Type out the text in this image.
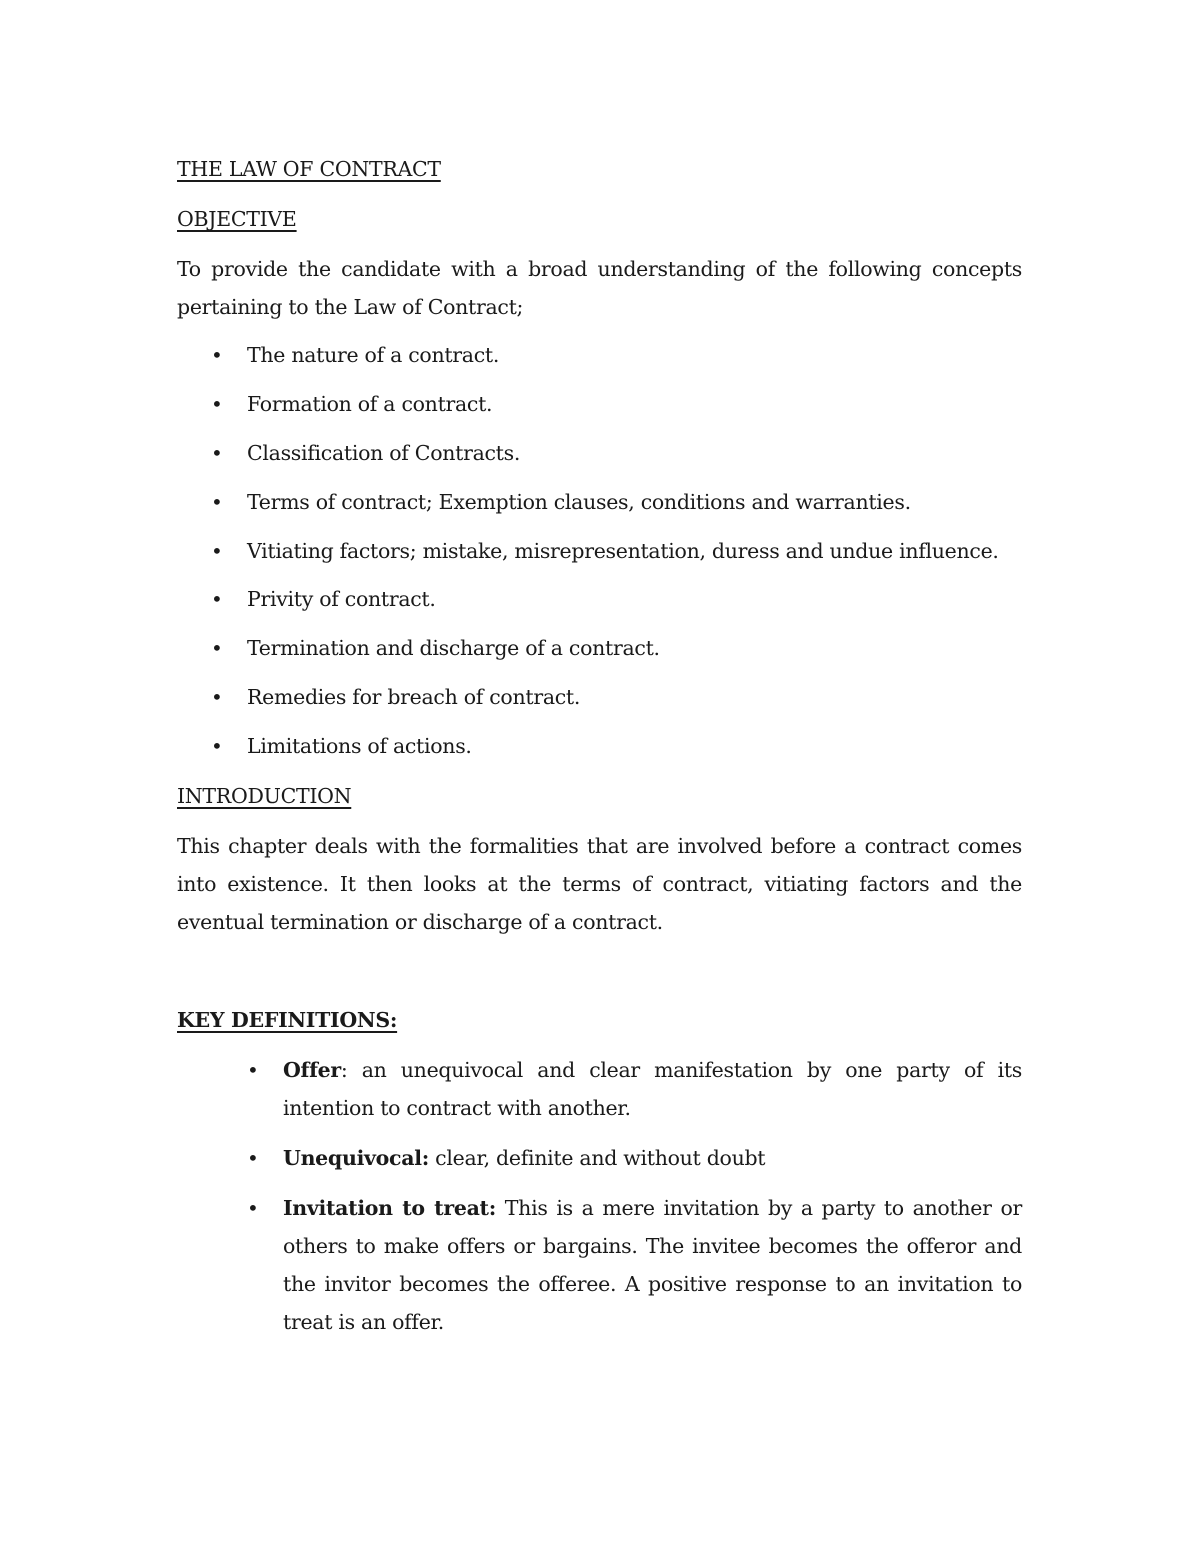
THE LAW OF CONTRACT
OBJECTIVE

To provide the candidate with a broad understanding of the following concepts pertaining to the Law of Contract;

• The nature of a contract.
• Formation of a contract.
• Classification of Contracts.
• Terms of contract; Exemption clauses, conditions and warranties.
• Vitiating factors; mistake, misrepresentation, duress and undue influence.
• Privity of contract.
• Termination and discharge of a contract.
• Remedies for breach of contract.
• Limitations of actions.
INTRODUCTION

This chapter deals with the formalities that are involved before a contract comes into existence. It then looks at the terms of contract, vitiating factors and the eventual termination or discharge of a contract.

KEY DEFINITIONS:
• Offer: an unequivocal and clear manifestation by one party of its intention to contract with another.
• Unequivocal: clear, definite and without doubt
• Invitation to treat: This is a mere invitation by a party to another or others to make offers or bargains. The invitee becomes the offeror and the invitor becomes the offeree. A positive response to an invitation to treat is an offer.
